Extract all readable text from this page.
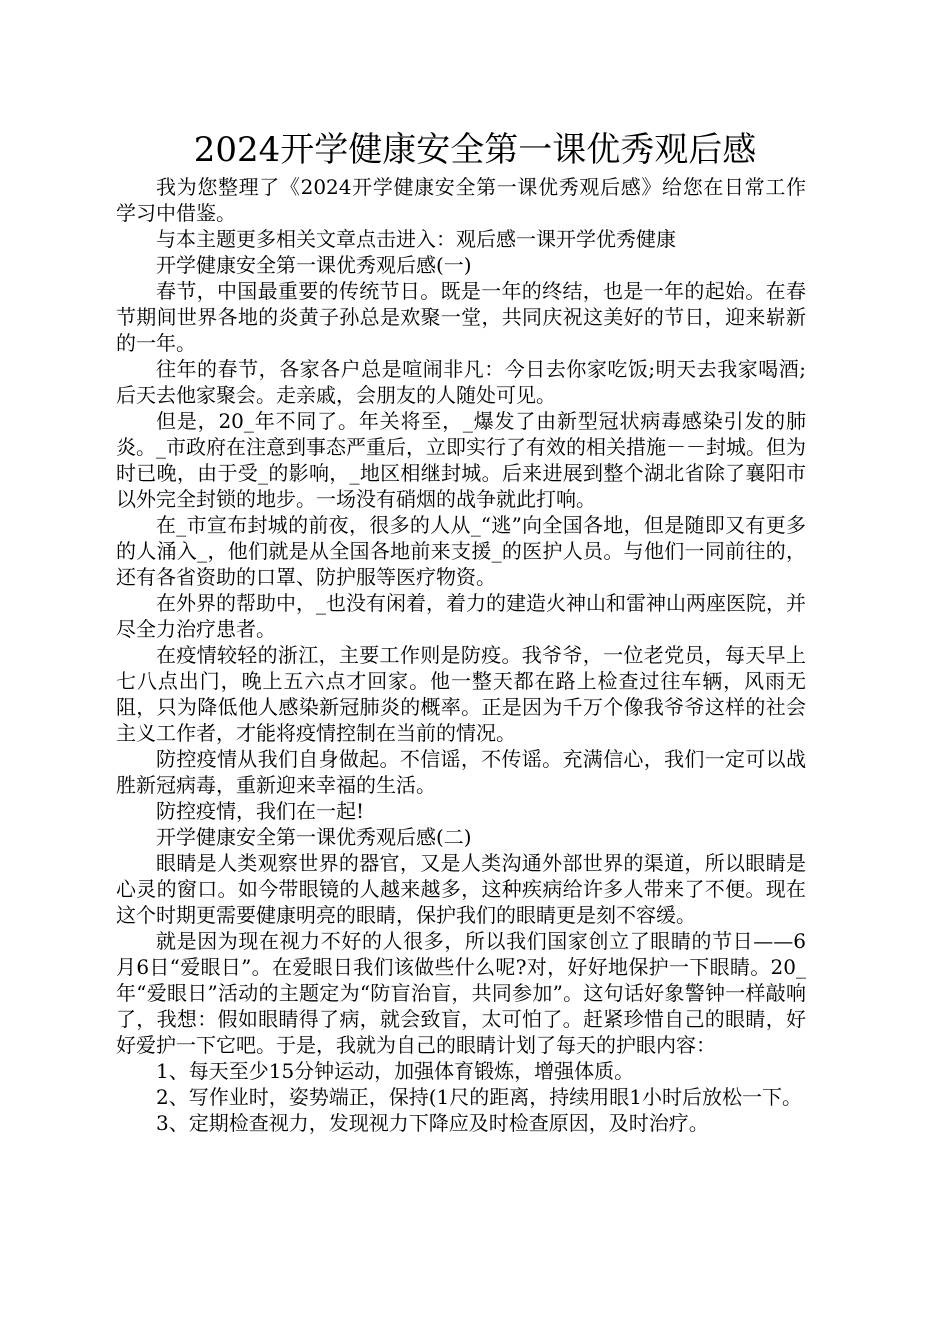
2024开学健康安全第一课优秀观后感

我为您整理了《2024开学健康安全第一课优秀观后感》给您在日常工作学习中借鉴。

与本主题更多相关文章点击进入：观后感一课开学优秀健康

开学健康安全第一课优秀观后感(一)

春节，中国最重要的传统节日。既是一年的终结，也是一年的起始。在春节期间世界各地的炎黄子孙总是欢聚一堂，共同庆祝这美好的节日，迎来崭新的一年。

往年的春节，各家各户总是喧闹非凡：今日去你家吃饭;明天去我家喝酒;后天去他家聚会。走亲戚，会朋友的人随处可见。

但是，20_年不同了。年关将至，_爆发了由新型冠状病毒感染引发的肺炎。_市政府在注意到事态严重后，立即实行了有效的相关措施－－封城。但为时已晚，由于受_的影响，_地区相继封城。后来进展到整个湖北省除了襄阳市以外完全封锁的地步。一场没有硝烟的战争就此打响。

在_市宣布封城的前夜，很多的人从_“逃”向全国各地，但是随即又有更多的人涌入_，他们就是从全国各地前来支援_的医护人员。与他们一同前往的，还有各省资助的口罩、防护服等医疗物资。

在外界的帮助中，_也没有闲着，着力的建造火神山和雷神山两座医院，并尽全力治疗患者。

在疫情较轻的浙江，主要工作则是防疫。我爷爷，一位老党员，每天早上七八点出门，晚上五六点才回家。他一整天都在路上检查过往车辆，风雨无阻，只为降低他人感染新冠肺炎的概率。正是因为千万个像我爷爷这样的社会主义工作者，才能将疫情控制在当前的情况。

防控疫情从我们自身做起。不信谣，不传谣。充满信心，我们一定可以战胜新冠病毒，重新迎来幸福的生活。

防控疫情，我们在一起!

开学健康安全第一课优秀观后感(二)

眼睛是人类观察世界的器官，又是人类沟通外部世界的渠道，所以眼睛是心灵的窗口。如今带眼镜的人越来越多，这种疾病给许多人带来了不便。现在这个时期更需要健康明亮的眼睛，保护我们的眼睛更是刻不容缓。

就是因为现在视力不好的人很多，所以我们国家创立了眼睛的节日——6月6日“爱眼日”。在爱眼日我们该做些什么呢?对，好好地保护一下眼睛。20_年“爱眼日”活动的主题定为“防盲治盲，共同参加”。这句话好象警钟一样敲响了，我想：假如眼睛得了病，就会致盲，太可怕了。赶紧珍惜自己的眼睛，好好爱护一下它吧。于是，我就为自己的眼睛计划了每天的护眼内容：

1、每天至少15分钟运动，加强体育锻炼，增强体质。

2、写作业时，姿势端正，保持(1尺的距离，持续用眼1小时后放松一下。

3、定期检查视力，发现视力下降应及时检查原因，及时治疗。
